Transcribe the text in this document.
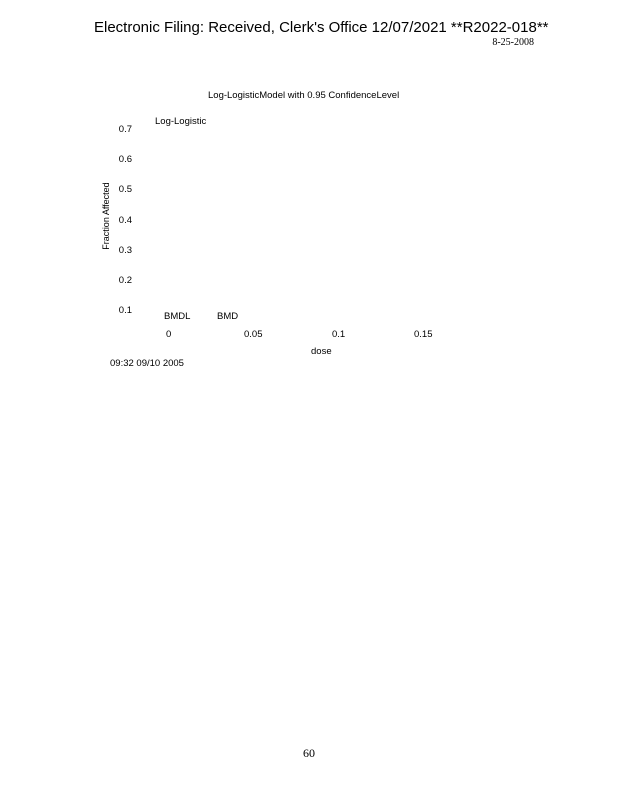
Electronic Filing: Received, Clerk's Office 12/07/2021 **R2022-018**
8-25-2008
Log-LogisticModel with 0.95 ConfidenceLevel
Log-Logistic
0.7
0.6
0.5
0.4
0.3
0.2
0.1
Fraction Affected
BMDL	BMD
0	0.05	0.1	0.15
dose
09:32 09/10 2005
60
